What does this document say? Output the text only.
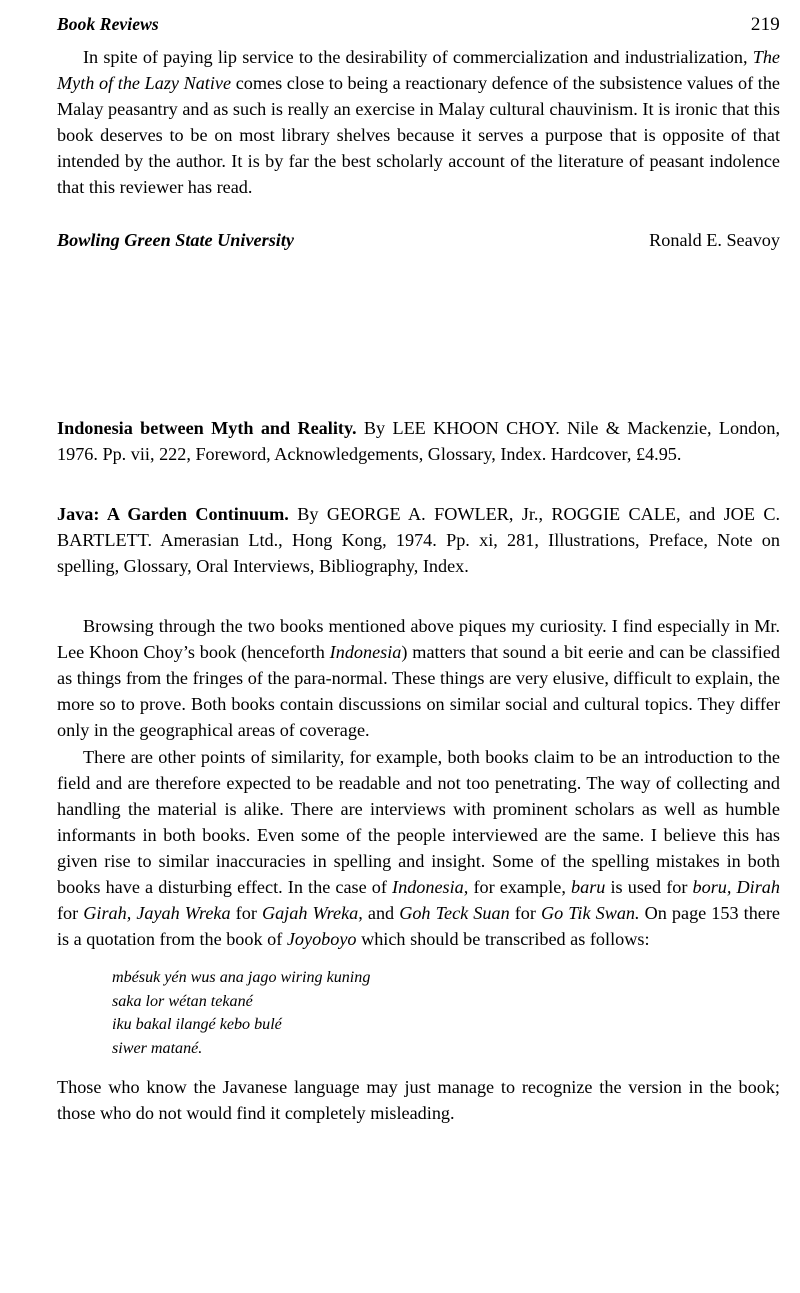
Book Reviews	219

In spite of paying lip service to the desirability of commercialization and industrialization, The Myth of the Lazy Native comes close to being a reactionary defence of the subsistence values of the Malay peasantry and as such is really an exercise in Malay cultural chauvinism. It is ironic that this book deserves to be on most library shelves because it serves a purpose that is opposite of that intended by the author. It is by far the best scholarly account of the literature of peasant indolence that this reviewer has read.

Bowling Green State University	Ronald E. Seavoy

Indonesia between Myth and Reality. By LEE KHOON CHOY. Nile & Mackenzie, London, 1976. Pp. vii, 222, Foreword, Acknowledgements, Glossary, Index. Hardcover, £4.95.

Java: A Garden Continuum. By GEORGE A. FOWLER, Jr., ROGGIE CALE, and JOE C. BARTLETT. Amerasian Ltd., Hong Kong, 1974. Pp. xi, 281, Illustrations, Preface, Note on spelling, Glossary, Oral Interviews, Bibliography, Index.

Browsing through the two books mentioned above piques my curiosity. I find especially in Mr. Lee Khoon Choy’s book (henceforth Indonesia) matters that sound a bit eerie and can be classified as things from the fringes of the para-normal. These things are very elusive, difficult to explain, the more so to prove. Both books contain discussions on similar social and cultural topics. They differ only in the geographical areas of coverage.

There are other points of similarity, for example, both books claim to be an introduction to the field and are therefore expected to be readable and not too penetrating. The way of collecting and handling the material is alike. There are interviews with prominent scholars as well as humble informants in both books. Even some of the people interviewed are the same. I believe this has given rise to similar inaccuracies in spelling and insight. Some of the spelling mistakes in both books have a disturbing effect. In the case of Indonesia, for example, baru is used for boru, Dirah for Girah, Jayah Wreka for Gajah Wreka, and Goh Teck Suan for Go Tik Swan. On page 153 there is a quotation from the book of Joyoboyo which should be transcribed as follows:

mbésuk yén wus ana jago wiring kuning
saka lor wétan tekané
iku bakal ilangé kebo bulé
siwer matané.

Those who know the Javanese language may just manage to recognize the version in the book; those who do not would find it completely misleading.
